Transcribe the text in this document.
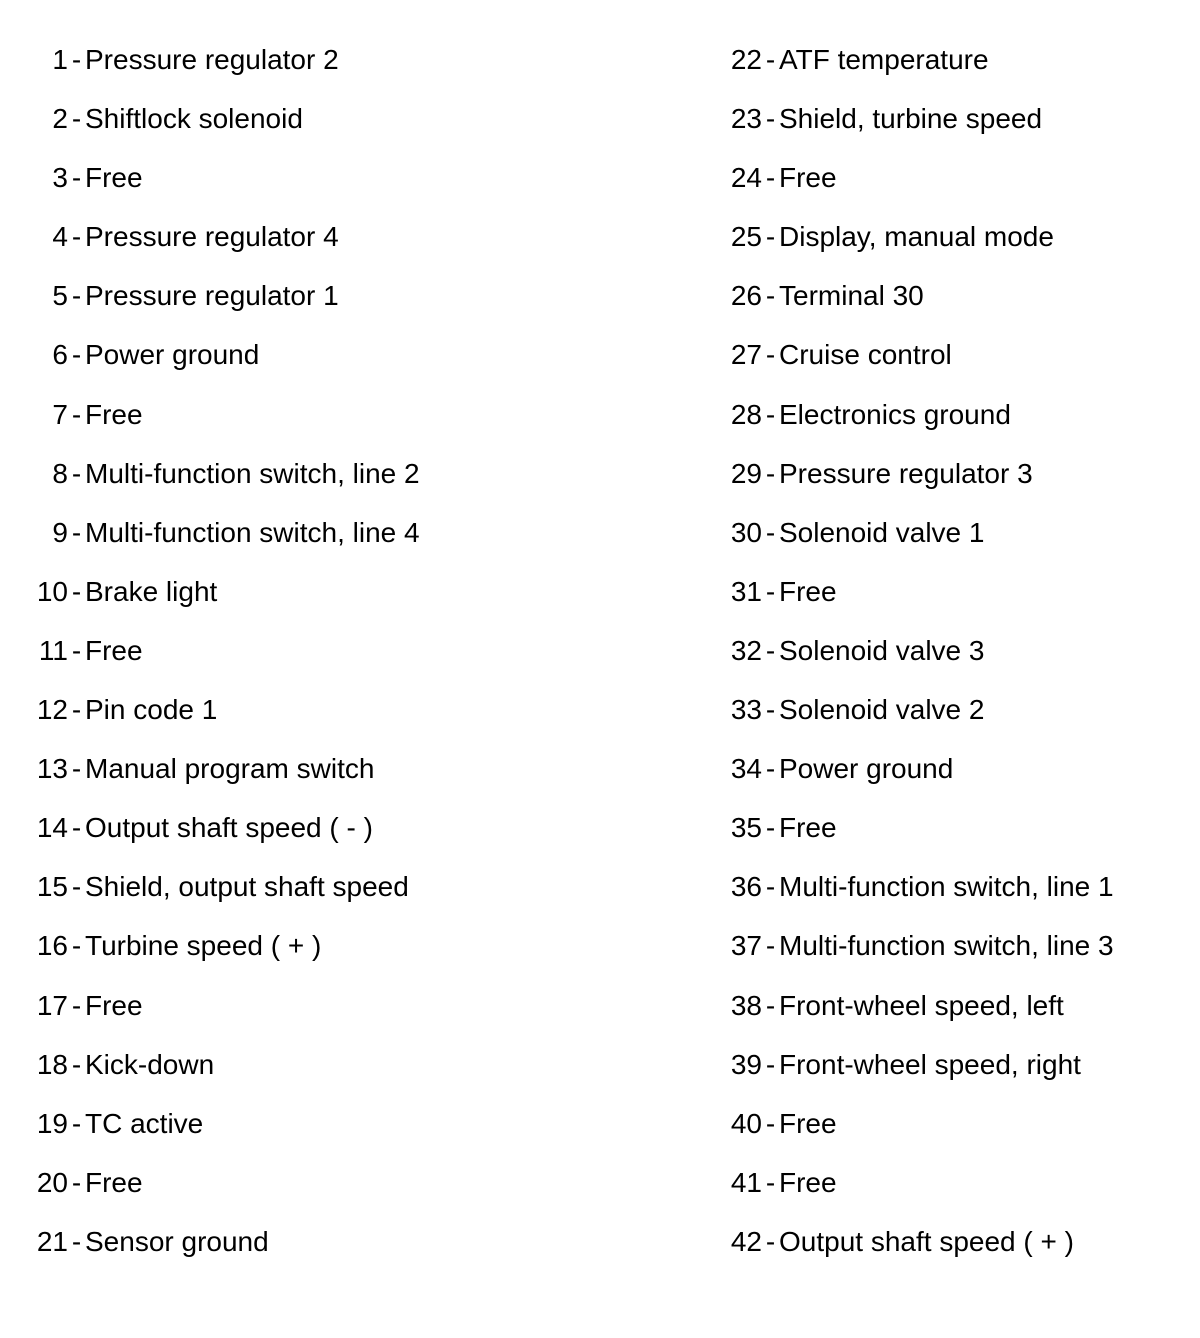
1 - Pressure regulator 2
2 - Shiftlock solenoid
3 - Free
4 - Pressure regulator 4
5 - Pressure regulator 1
6 - Power ground
7 - Free
8 - Multi-function switch, line 2
9 - Multi-function switch, line 4
10 - Brake light
11 - Free
12 - Pin code 1
13 - Manual program switch
14 - Output shaft speed ( - )
15 - Shield, output shaft speed
16 - Turbine speed ( + )
17 - Free
18 - Kick-down
19 - TC active
20 - Free
21 - Sensor ground
22 - ATF temperature
23 - Shield, turbine speed
24 - Free
25 - Display, manual mode
26 - Terminal 30
27 - Cruise control
28 - Electronics ground
29 - Pressure regulator 3
30 - Solenoid valve 1
31 - Free
32 - Solenoid valve 3
33 - Solenoid valve 2
34 - Power ground
35 - Free
36 - Multi-function switch, line 1
37 - Multi-function switch, line 3
38 - Front-wheel speed, left
39 - Front-wheel speed, right
40 - Free
41 - Free
42 - Output shaft speed ( + )
